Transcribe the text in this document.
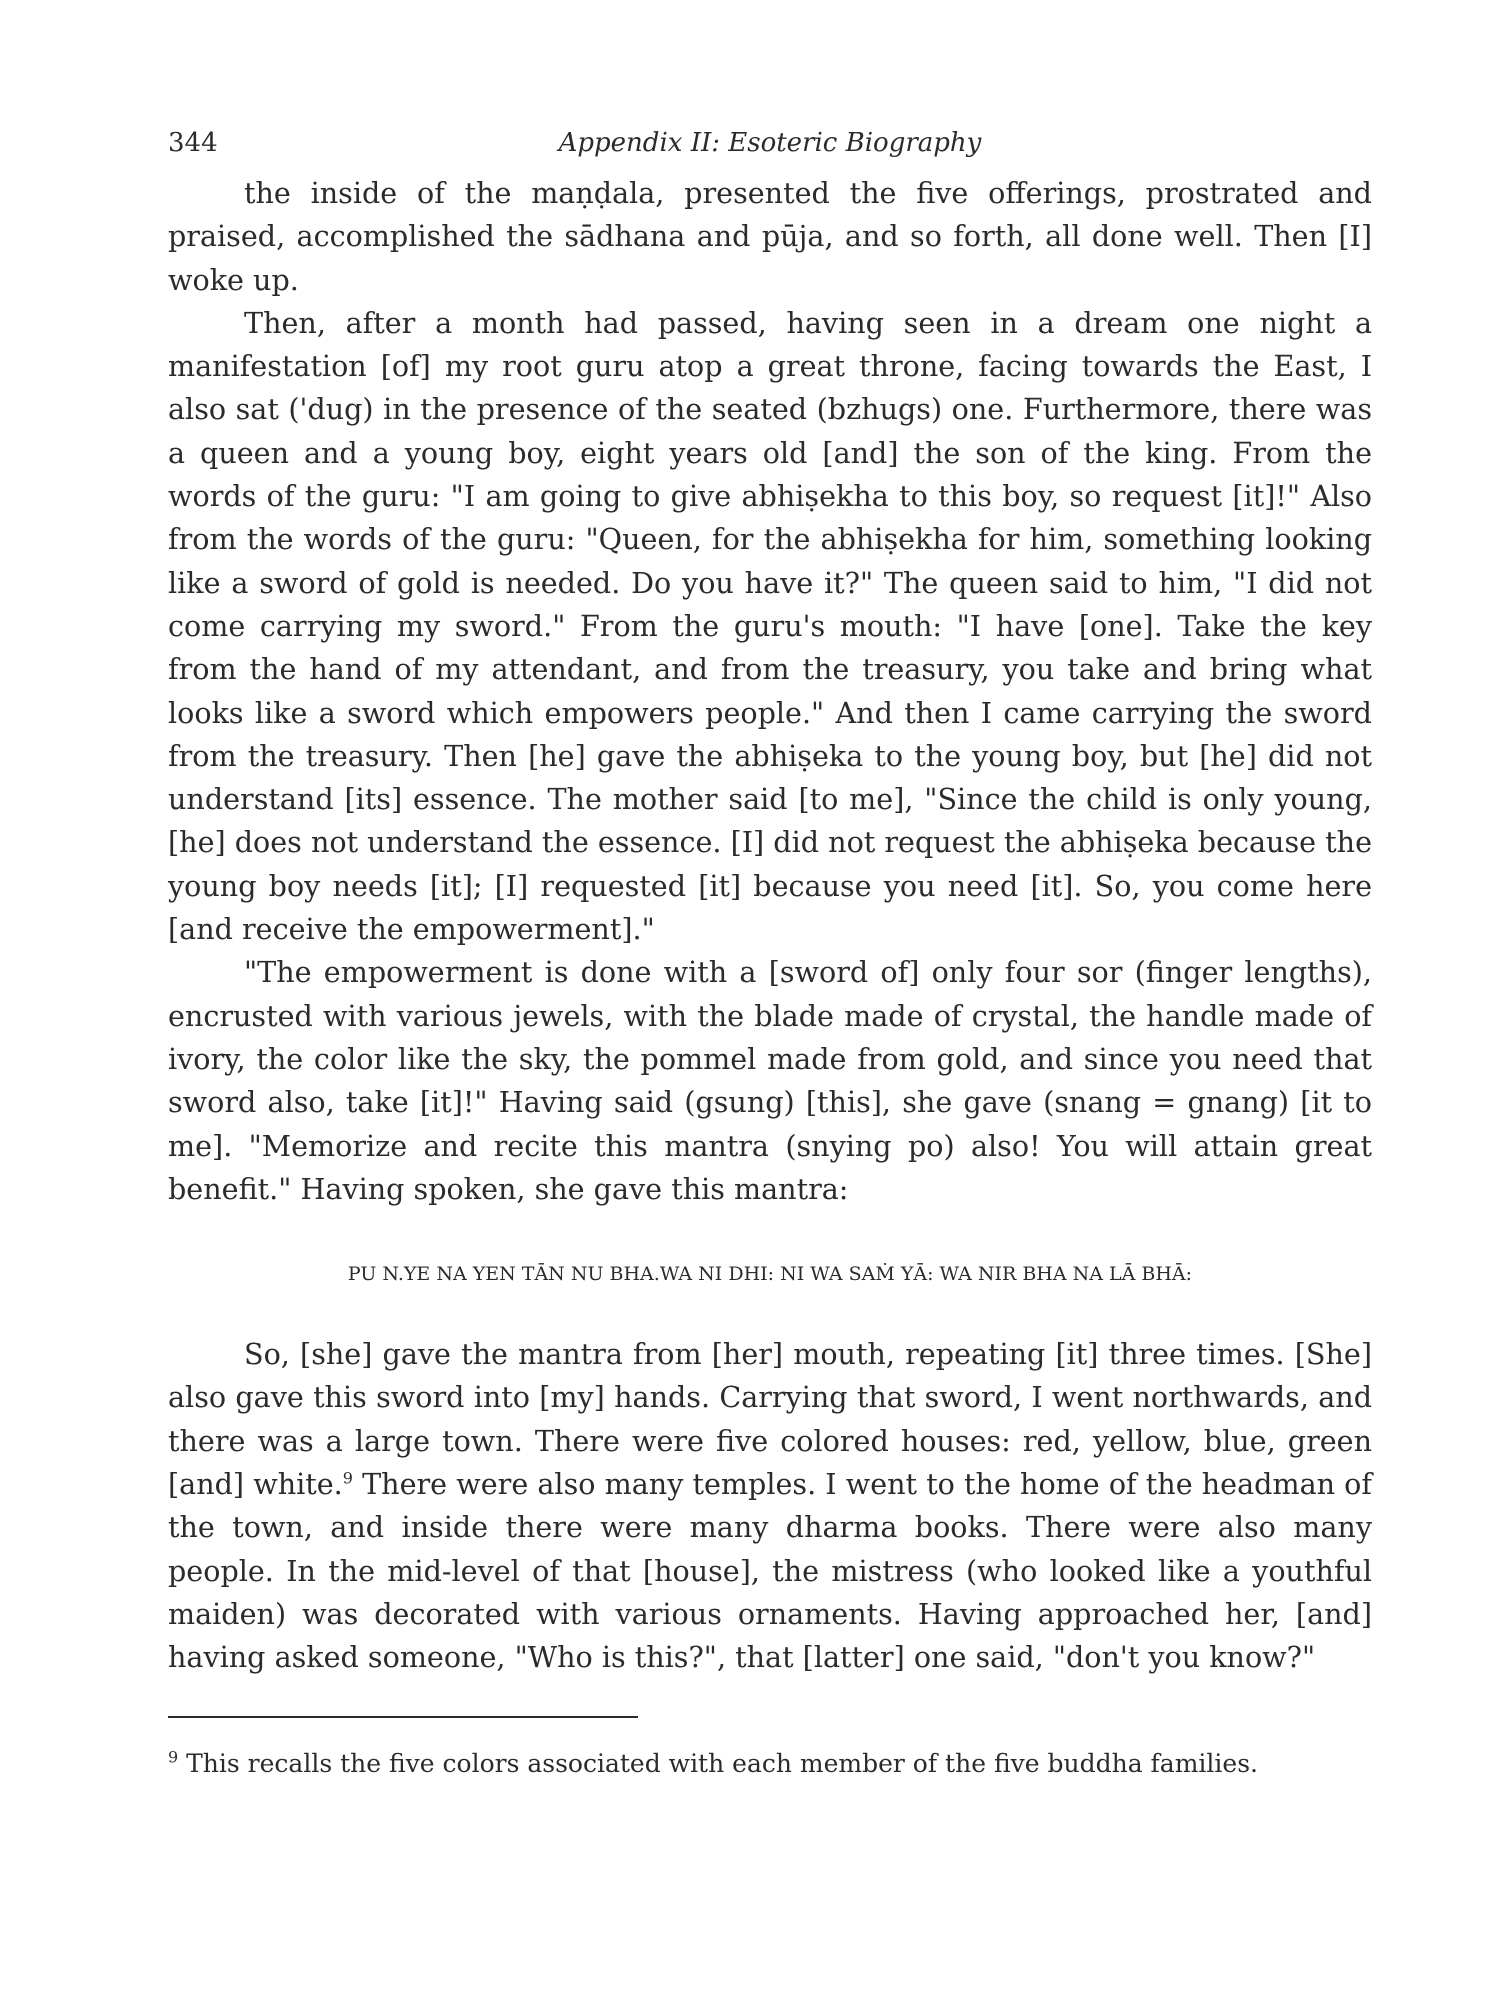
344	Appendix II: Esoteric Biography

the inside of the maṇḍala, presented the five offerings, prostrated and praised, accomplished the sādhana and pūja, and so forth, all done well. Then [I] woke up.

Then, after a month had passed, having seen in a dream one night a manifestation [of] my root guru atop a great throne, facing towards the East, I also sat ('dug) in the presence of the seated (bzhugs) one. Furthermore, there was a queen and a young boy, eight years old [and] the son of the king. From the words of the guru: "I am going to give abhiṣekha to this boy, so request [it]!" Also from the words of the guru: "Queen, for the abhiṣekha for him, something looking like a sword of gold is needed. Do you have it?" The queen said to him, "I did not come carrying my sword." From the guru's mouth: "I have [one]. Take the key from the hand of my attendant, and from the treasury, you take and bring what looks like a sword which empowers people." And then I came carrying the sword from the treasury. Then [he] gave the abhiṣeka to the young boy, but [he] did not understand [its] essence. The mother said [to me], "Since the child is only young, [he] does not understand the essence. [I] did not request the abhiṣeka because the young boy needs [it]; [I] requested [it] because you need [it]. So, you come here [and receive the empowerment]."

"The empowerment is done with a [sword of] only four sor (finger lengths), encrusted with various jewels, with the blade made of crystal, the handle made of ivory, the color like the sky, the pommel made from gold, and since you need that sword also, take [it]!" Having said (gsung) [this], she gave (snang = gnang) [it to me]. "Memorize and recite this mantra (snying po) also! You will attain great benefit." Having spoken, she gave this mantra:

PU N.YE NA YEN TĀN NU BHA.WA NI DHI: NI WA SAṀ YĀ: WA NIR BHA NA LĀ BHĀ:

So, [she] gave the mantra from [her] mouth, repeating [it] three times. [She] also gave this sword into [my] hands. Carrying that sword, I went northwards, and there was a large town. There were five colored houses: red, yellow, blue, green [and] white.$^9$ There were also many temples. I went to the home of the headman of the town, and inside there were many dharma books. There were also many people. In the mid-level of that [house], the mistress (who looked like a youthful maiden) was decorated with various ornaments. Having approached her, [and] having asked someone, "Who is this?", that [latter] one said, "don't you know?"

$^9$ This recalls the five colors associated with each member of the five buddha families.
